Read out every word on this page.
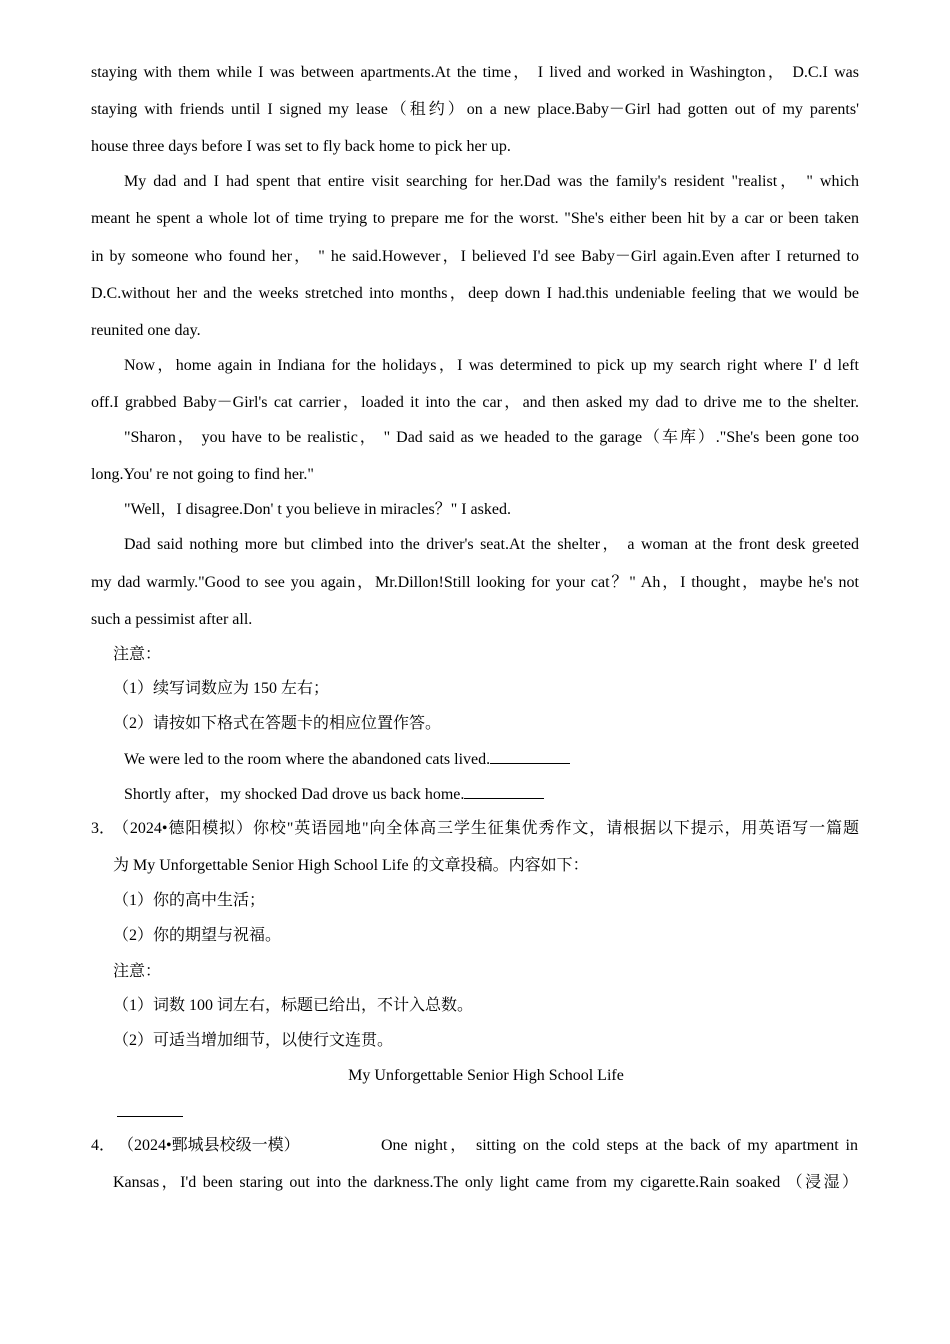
staying with them while I was between apartments.At the time， I lived and worked in Washington， D.C.I was
staying with friends until I signed my lease（租约）on a new place.Baby－Girl had gotten out of my parents'
house three days before I was set to fly back home to pick her up.
My dad and I had spent that entire visit searching for her.Dad was the family's resident "realist， " which
meant he spent a whole lot of time trying to prepare me for the worst. "She's either been hit by a car or been taken
in by someone who found her， " he said.However，I believed I'd see Baby－Girl again.Even after I returned to
D.C.without her and the weeks stretched into months，deep down I had.this undeniable feeling that we would be
reunited one day.
Now，home again in Indiana for the holidays，I was determined to pick up my search right where I' d left
off.I grabbed Baby－Girl's cat carrier，loaded it into the car，and then asked my dad to drive me to the shelter.
"Sharon， you have to be realistic， " Dad said as we headed to the garage（车库）."She's been gone too
long.You' re not going to find her."
"Well，I disagree.Don' t you believe in miracles？" I asked.
Dad said nothing more but climbed into the driver's seat.At the shelter， a woman at the front desk greeted
my dad warmly."Good to see you again，Mr.Dillon!Still looking for your cat？" Ah，I thought，maybe he's not
such a pessimist after all.
注意：
（1）续写词数应为 150 左右；
（2）请按如下格式在答题卡的相应位置作答。
We were led to the room where the abandoned cats lived.
Shortly after，my shocked Dad drove us back home.
3．
（2024•德阳模拟）你校"英语园地"向全体高三学生征集优秀作文，请根据以下提示，用英语写一篇题
为 My Unforgettable Senior High School Life 的文章投稿。内容如下：
（1）你的高中生活；
（2）你的期望与祝福。
注意：
（1）词数 100 词左右，标题已给出，不计入总数。
（2）可适当增加细节，以使行文连贯。
My Unforgettable Senior High School Life
4． （2024•鄄城县校级一模）	One night， sitting on the cold steps at the back of my apartment in
Kansas，I'd been staring out into the darkness.The only light came from my cigarette.Rain soaked （浸湿）
